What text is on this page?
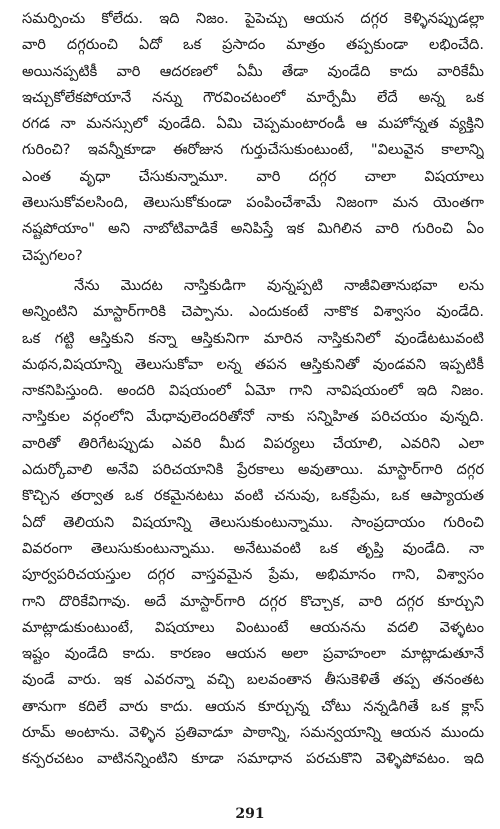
సమర్పించు కోలేదు. ఇది నిజం. పైపెచ్చు ఆయన దగ్గర కెళ్ళినప్పుడల్లా
వారి దగ్గరుంచి ఏదో ఒక ప్రసాదం మాత్రం తప్పకుండా లభించేది.
అయినప్పటికీ వారి ఆదరణలో ఏమీ తేడా వుండేది కాదు వారికేమీ
ఇచ్చుకోలేకపోయానే నన్ను గౌరవించటంలో మార్పేమీ లేదే అన్న ఒక
రగడ నా మనస్సులో వుండేది. ఏమి చెప్పమంటారండీ ఆ మహోన్నత వ్యక్తిని
గురించి? ఇవన్నీకూడా ఈరోజున గుర్తుచేసుకుంటుంటే, "విలువైన కాలాన్ని
ఎంత వృధా చేసుకున్నామూ. వారి దగ్గర చాలా విషయాలు
తెలుసుకోవలసింది, తెలుసుకోకుండా పంపించేశామే నిజంగా మన యెంతగా
నష్టపోయాం" అని నాబోటివాడికే అనిపిస్తే ఇక మిగిలిన వారి గురించి ఏం
చెప్పగలం?
నేను మొదట నాస్తికుడిగా వున్నప్పటి నాజీవితానుభవా లను
అన్నింటిని మాస్టార్‌గారికి చెప్పాను. ఎందుకంటే నాకొక విశ్వాసం వుండేది.
ఒక గట్టి ఆస్తికుని కన్నా ఆస్తికునిగా మారిన నాస్తికునిలో వుండేటటువంటి
మథన,విషయాన్ని తెలుసుకోవా లన్న తపన ఆస్తికునితో వుండవని ఇప్పటికీ
నాకనిపిస్తుంది. అందరి విషయంలో ఏమో గాని నావిషయంలో ఇది నిజం.
నాస్తికుల వర్గంలోని మేధావులెందరితోనో నాకు సన్నిహిత పరిచయం వున్నది.
వారితో తిరిగేటప్పుడు ఎవరి మీద విపర్యలు చేయాలి, ఎవరిని ఎలా
ఎదుర్కోవాలి అనేవి పరిచయానికి ప్రేరకాలు అవుతాయి. మాస్టార్‌గారి దగ్గర
కొచ్చిన తర్వాత ఒక రకమైనటటు వంటి చనువు, ఒకప్రేమ, ఒక ఆప్యాయత
ఏదో తెలియని విషయాన్ని తెలుసుకుంటున్నాము. సాంప్రదాయం గురించి
వివరంగా తెలుసుకుంటున్నాము. అనేటువంటి ఒక తృప్తి వుండేది. నా
పూర్వపరిచయస్తుల దగ్గర వాస్తవమైన ప్రేమ, అభిమానం గాని, విశ్వాసం
గాని దొరికేవిగావు. అదే మాస్టార్‌గారి దగ్గర కొచ్చాక, వారి దగ్గర కూర్చుని
మాట్లాడుకుంటుంటే, విషయాలు వింటుంటే ఆయనను వదలి వెళ్ళటం
ఇష్టం వుండేది కాదు. కారణం ఆయన అలా ప్రవాహంలా మాట్లాడుతూనే
వుండే వారు. ఇక ఎవరన్నా వచ్చి బలవంతాన తీసుకెళితే తప్ప తనంతట
తానుగా కదిలే వారు కాదు. ఆయన కూర్చున్న చోటు నన్నడిగితే ఒక క్లాస్
రూమ్ అంటాను. వెళ్ళిన ప్రతివాడూ పాఠాన్ని, సమన్వయాన్ని ఆయన ముందు
కన్పరచటం వాటినన్నింటిని కూడా సమాధాన పరచుకొని వెళ్ళిపోవటం. ఇది
291
